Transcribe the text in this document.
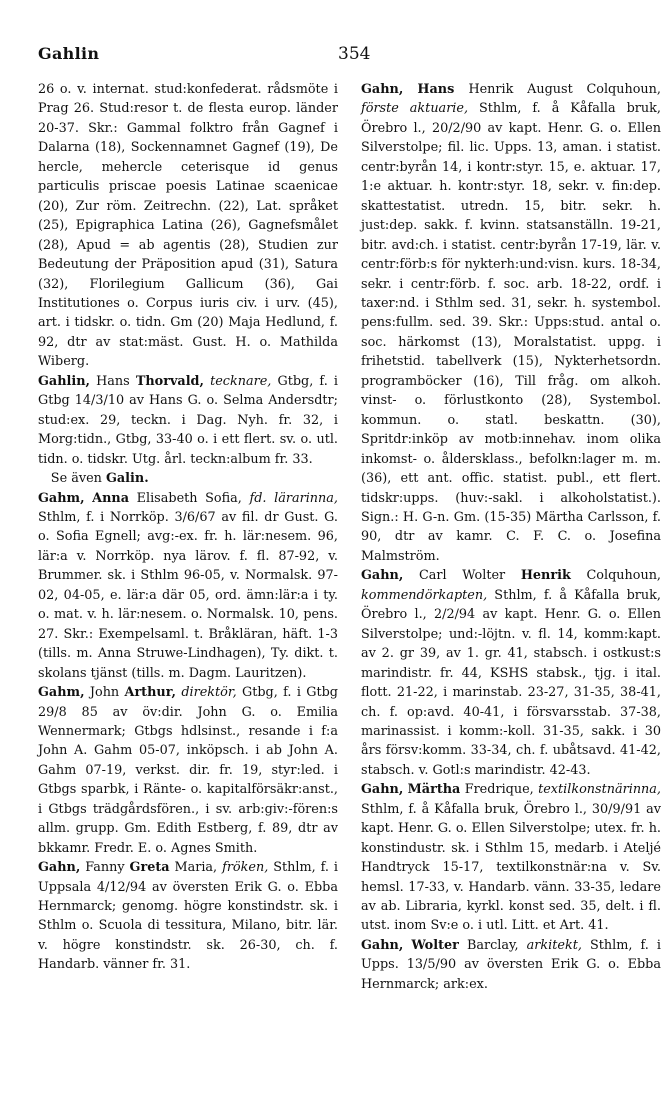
Gahlin	354

26 o. v. internat. stud:konfederat. rådsmöte i Prag 26. Stud:resor t. de flesta europ. länder 20-37. Skr.: Gammal folktro från Gagnef i Dalarna (18), Sockennamnet Gagnef (19), De hercle, mehercle ceterisque id genus particulis priscae poesis Latinae scaenicae (20), Zur röm. Zeitrechn. (22), Lat. språket (25), Epigraphica Latina (26), Gagnefsmålet (28), Apud = ab agentis (28), Studien zur Bedeutung der Präposition apud (31), Satura (32), Florilegium Gallicum (36), Gai Institutiones o. Corpus iuris civ. i urv. (45), art. i tidskr. o. tidn. Gm (20) Maja Hedlund, f. 92, dtr av stat:mäst. Gust. H. o. Mathilda Wiberg.

Gahlin, Hans Thorvald, tecknare, Gtbg, f. i Gtbg 14/3/10 av Hans G. o. Selma Andersdtr; stud:ex. 29, teckn. i Dag. Nyh. fr. 32, i Morg:tidn., Gtbg, 33-40 o. i ett flert. sv. o. utl. tidn. o. tidskr. Utg. årl. teckn:album fr. 33.

Se även Galin.

Gahm, Anna Elisabeth Sofia, fd. lärarinna, Sthlm, f. i Norrköp. 3/6/67 av fil. dr Gust. G. o. Sofia Egnell; avg:-ex. fr. h. lär:nesem. 96, lär:a v. Norrköp. nya lärov. f. fl. 87-92, v. Brummer. sk. i Sthlm 96-05, v. Normalsk. 97-02, 04-05, e. lär:a där 05, ord. ämn:lär:a i ty. o. mat. v. h. lär:nesem. o. Normalsk. 10, pens. 27. Skr.: Exempelsaml. t. Bråkläran, häft. 1-3 (tills. m. Anna Struwe-Lindhagen), Ty. dikt. t. skolans tjänst (tills. m. Dagm. Lauritzen).

Gahm, John Arthur, direktör, Gtbg, f. i Gtbg 29/8 85 av öv:dir. John G. o. Emilia Wennermark; Gtbgs hdlsinst., resande i f:a John A. Gahm 05-07, inköpsch. i ab John A. Gahm 07-19, verkst. dir. fr. 19, styr:led. i Gtbgs sparbk, i Ränte- o. kapitalförsäkr:anst., i Gtbgs trädgårdsfören., i sv. arb:giv:-fören:s allm. grupp. Gm. Edith Estberg, f. 89, dtr av bkkamr. Fredr. E. o. Agnes Smith.

Gahn, Fanny Greta Maria, fröken, Sthlm, f. i Uppsala 4/12/94 av översten Erik G. o. Ebba Hernmarck; genomg. högre konstindstr. sk. i Sthlm o. Scuola di tessitura, Milano, bitr. lär. v. högre konstindstr. sk. 26-30, ch. f. Handarb. vänner fr. 31.

Gahn, Hans Henrik August Colquhoun, förste aktuarie, Sthlm, f. å Kåfalla bruk, Örebro l., 20/2/90 av kapt. Henr. G. o. Ellen Silverstolpe; fil. lic. Upps. 13, aman. i statist. centr:byrån 14, i kontr:styr. 15, e. aktuar. 17, 1:e aktuar. h. kontr:styr. 18, sekr. v. fin:dep. skattestatist. utredn. 15, bitr. sekr. h. just:dep. sakk. f. kvinn. statsanställn. 19-21, bitr. avd:ch. i statist. centr:byrån 17-19, lär. v. centr:förb:s för nykterh:und:visn. kurs. 18-34, sekr. i centr:förb. f. soc. arb. 18-22, ordf. i taxer:nd. i Sthlm sed. 31, sekr. h. systembol. pens:fullm. sed. 39. Skr.: Upps:stud. antal o. soc. härkomst (13), Moralstatist. uppg. i frihetstid. tabellverk (15), Nykterhetsordn. programböcker (16), Till fråg. om alkoh. vinst- o. förlustkonto (28), Systembol. kommun. o. statl. beskattn. (30), Spritdr:inköp av motb:innehav. inom olika inkomst- o. åldersklass., befolkn:lager m. m. (36), ett ant. offic. statist. publ., ett flert. tidskr:upps. (huv:-sakl. i alkoholstatist.). Sign.: H. G-n. Gm. (15-35) Märtha Carlsson, f. 90, dtr av kamr. C. F. C. o. Josefina Malmström.

Gahn, Carl Wolter Henrik Colquhoun, kommendörkapten, Sthlm, f. å Kåfalla bruk, Örebro l., 2/2/94 av kapt. Henr. G. o. Ellen Silverstolpe; und:-löjtn. v. fl. 14, komm:kapt. av 2. gr 39, av 1. gr. 41, stabsch. i ostkust:s marindistr. fr. 44, KSHS stabsk., tjg. i ital. flott. 21-22, i marinstab. 23-27, 31-35, 38-41, ch. f. op:avd. 40-41, i försvarsstab. 37-38, marinassist. i komm:-koll. 31-35, sakk. i 30 års försv:komm. 33-34, ch. f. ubåtsavd. 41-42, stabsch. v. Gotl:s marindistr. 42-43.

Gahn, Märtha Fredrique, textilkonstnärinna, Sthlm, f. å Kåfalla bruk, Örebro l., 30/9/91 av kapt. Henr. G. o. Ellen Silverstolpe; utex. fr. h. konstindustr. sk. i Sthlm 15, medarb. i Ateljé Handtryck 15-17, textilkonstnär:na v. Sv. hemsl. 17-33, v. Handarb. vänn. 33-35, ledare av ab. Libraria, kyrkl. konst sed. 35, delt. i fl. utst. inom Sv:e o. i utl. Litt. et Art. 41.

Gahn, Wolter Barclay, arkitekt, Sthlm, f. i Upps. 13/5/90 av översten Erik G. o. Ebba Hernmarck; ark:ex.
